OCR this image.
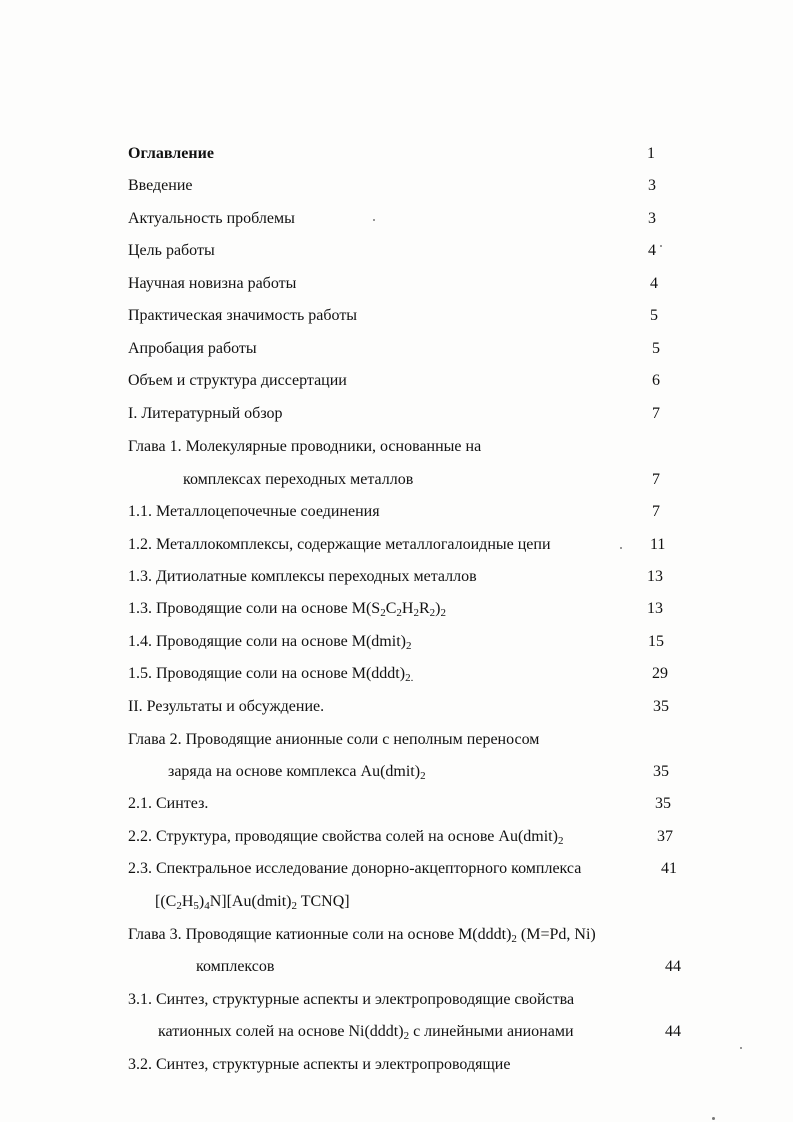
Оглавление	1
Введение	3
Актуальность проблемы	3
Цель работы	4
Научная новизна работы	4
Практическая значимость работы	5
Апробация работы	5
Объем и структура диссертации	6
I. Литературный обзор	7
Глава 1. Молекулярные проводники, основанные на
комплексах переходных металлов	7
1.1. Металлоцепочечные соединения	7
1.2. Металлокомплексы, содержащие металлогалоидные цепи	11
1.3. Дитиолатные комплексы переходных металлов	13
1.3. Проводящие соли на основе $M(S_2C_2H_2R_2)_2$	13
1.4. Проводящие соли на основе $M(dmit)_2$	15
1.5. Проводящие соли на основе $M(dddt)_{2.}$	29
II. Результаты и обсуждение.	35
Глава 2. Проводящие анионные соли с неполным переносом
заряда на основе комплекса $Au(dmit)_2$	35
2.1. Синтез.	35
2.2. Структура, проводящие свойства солей на основе $Au(dmit)_2$	37
2.3. Спектральное исследование донорно-акцепторного комплекса	41
$[(C_2H_5)_4N][Au(dmit)_2$ TCNQ]
Глава 3. Проводящие катионные соли на основе $M(dddt)_2$ (M=Pd, Ni)
комплексов	44
3.1. Синтез, структурные аспекты и электропроводящие свойства
катионных солей на основе $Ni(dddt)_2$ с линейными анионами	44
3.2. Синтез, структурные аспекты и электропроводящие
